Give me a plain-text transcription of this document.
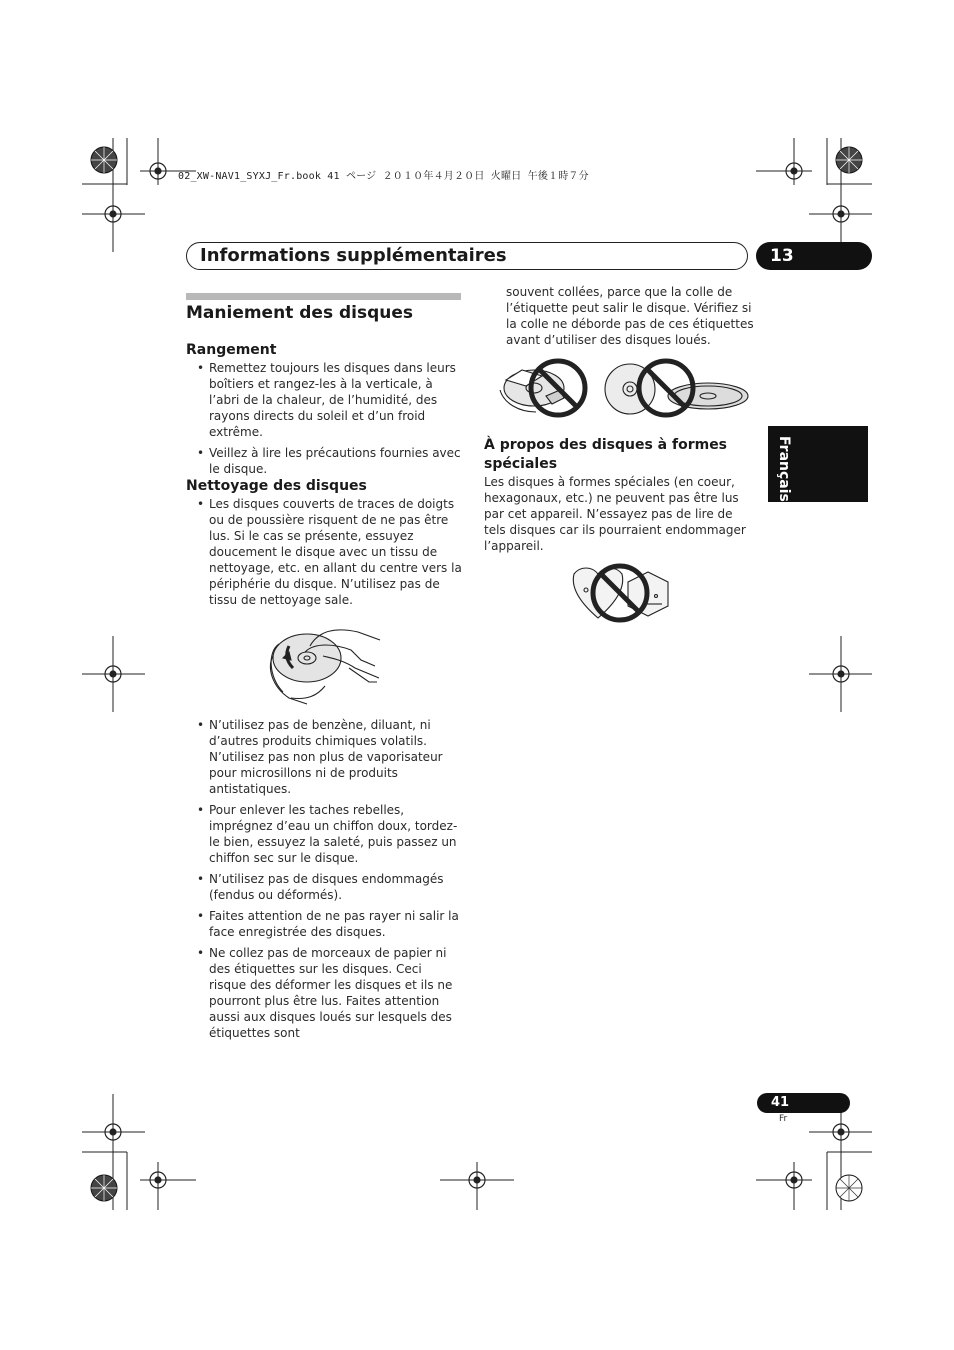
02_XW-NAV1_SYXJ_Fr.book 41 ページ ２０１０年４月２０日 火曜日 午後１時７分
Informations supplémentaires	13
Français
Maniement des disques
Rangement
• Remettez toujours les disques dans leurs boîtiers et rangez-les à la verticale, à l’abri de la chaleur, de l’humidité, des rayons directs du soleil et d’un froid extrême.
• Veillez à lire les précautions fournies avec le disque.
Nettoyage des disques
• Les disques couverts de traces de doigts ou de poussière risquent de ne pas être lus. Si le cas se présente, essuyez doucement le disque avec un tissu de nettoyage, etc. en allant du centre vers la périphérie du disque. N’utilisez pas de tissu de nettoyage sale.
• N’utilisez pas de benzène, diluant, ni d’autres produits chimiques volatils. N’utilisez pas non plus de vaporisateur pour microsillons ni de produits antistatiques.
• Pour enlever les taches rebelles, imprégnez d’eau un chiffon doux, tordez-le bien, essuyez la saleté, puis passez un chiffon sec sur le disque.
• N’utilisez pas de disques endommagés (fendus ou déformés).
• Faites attention de ne pas rayer ni salir la face enregistrée des disques.
• Ne collez pas de morceaux de papier ni des étiquettes sur les disques. Ceci risque des déformer les disques et ils ne pourront plus être lus. Faites attention aussi aux disques loués sur lesquels des étiquettes sont
souvent collées, parce que la colle de l’étiquette peut salir le disque. Vérifiez si la colle ne déborde pas de ces étiquettes avant d’utiliser des disques loués.
À propos des disques à formes
spéciales
Les disques à formes spéciales (en coeur, hexagonaux, etc.) ne peuvent pas être lus par cet appareil. N’essayez pas de lire de tels disques car ils pourraient endommager l’appareil.
41
Fr
